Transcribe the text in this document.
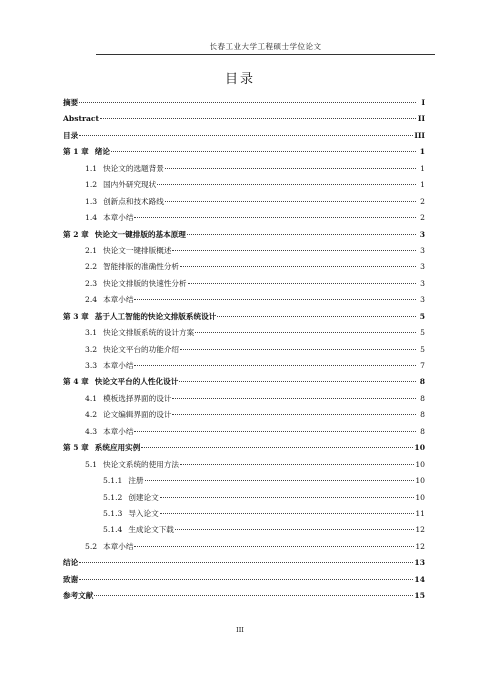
长春工业大学工程硕士学位论文
目录
摘要	I
Abstract	II
目录	III
第 1 章 绪论	1
1.1 快论文的选题背景	1
1.2 国内外研究现状	1
1.3 创新点和技术路线	2
1.4 本章小结	2
第 2 章 快论文一键排版的基本原理	3
2.1 快论文一键排版概述	3
2.2 智能排版的准确性分析	3
2.3 快论文排版的快速性分析	3
2.4 本章小结	3
第 3 章 基于人工智能的快论文排版系统设计	5
3.1 快论文排版系统的设计方案	5
3.2 快论文平台的功能介绍	5
3.3 本章小结	7
第 4 章 快论文平台的人性化设计	8
4.1 模板选择界面的设计	8
4.2 论文编辑界面的设计	8
4.3 本章小结	8
第 5 章 系统应用实例	10
5.1 快论文系统的使用方法	10
5.1.1 注册	10
5.1.2 创建论文	10
5.1.3 导入论文	11
5.1.4 生成论文下载	12
5.2 本章小结	12
结论	13
致谢	14
参考文献	15
III
